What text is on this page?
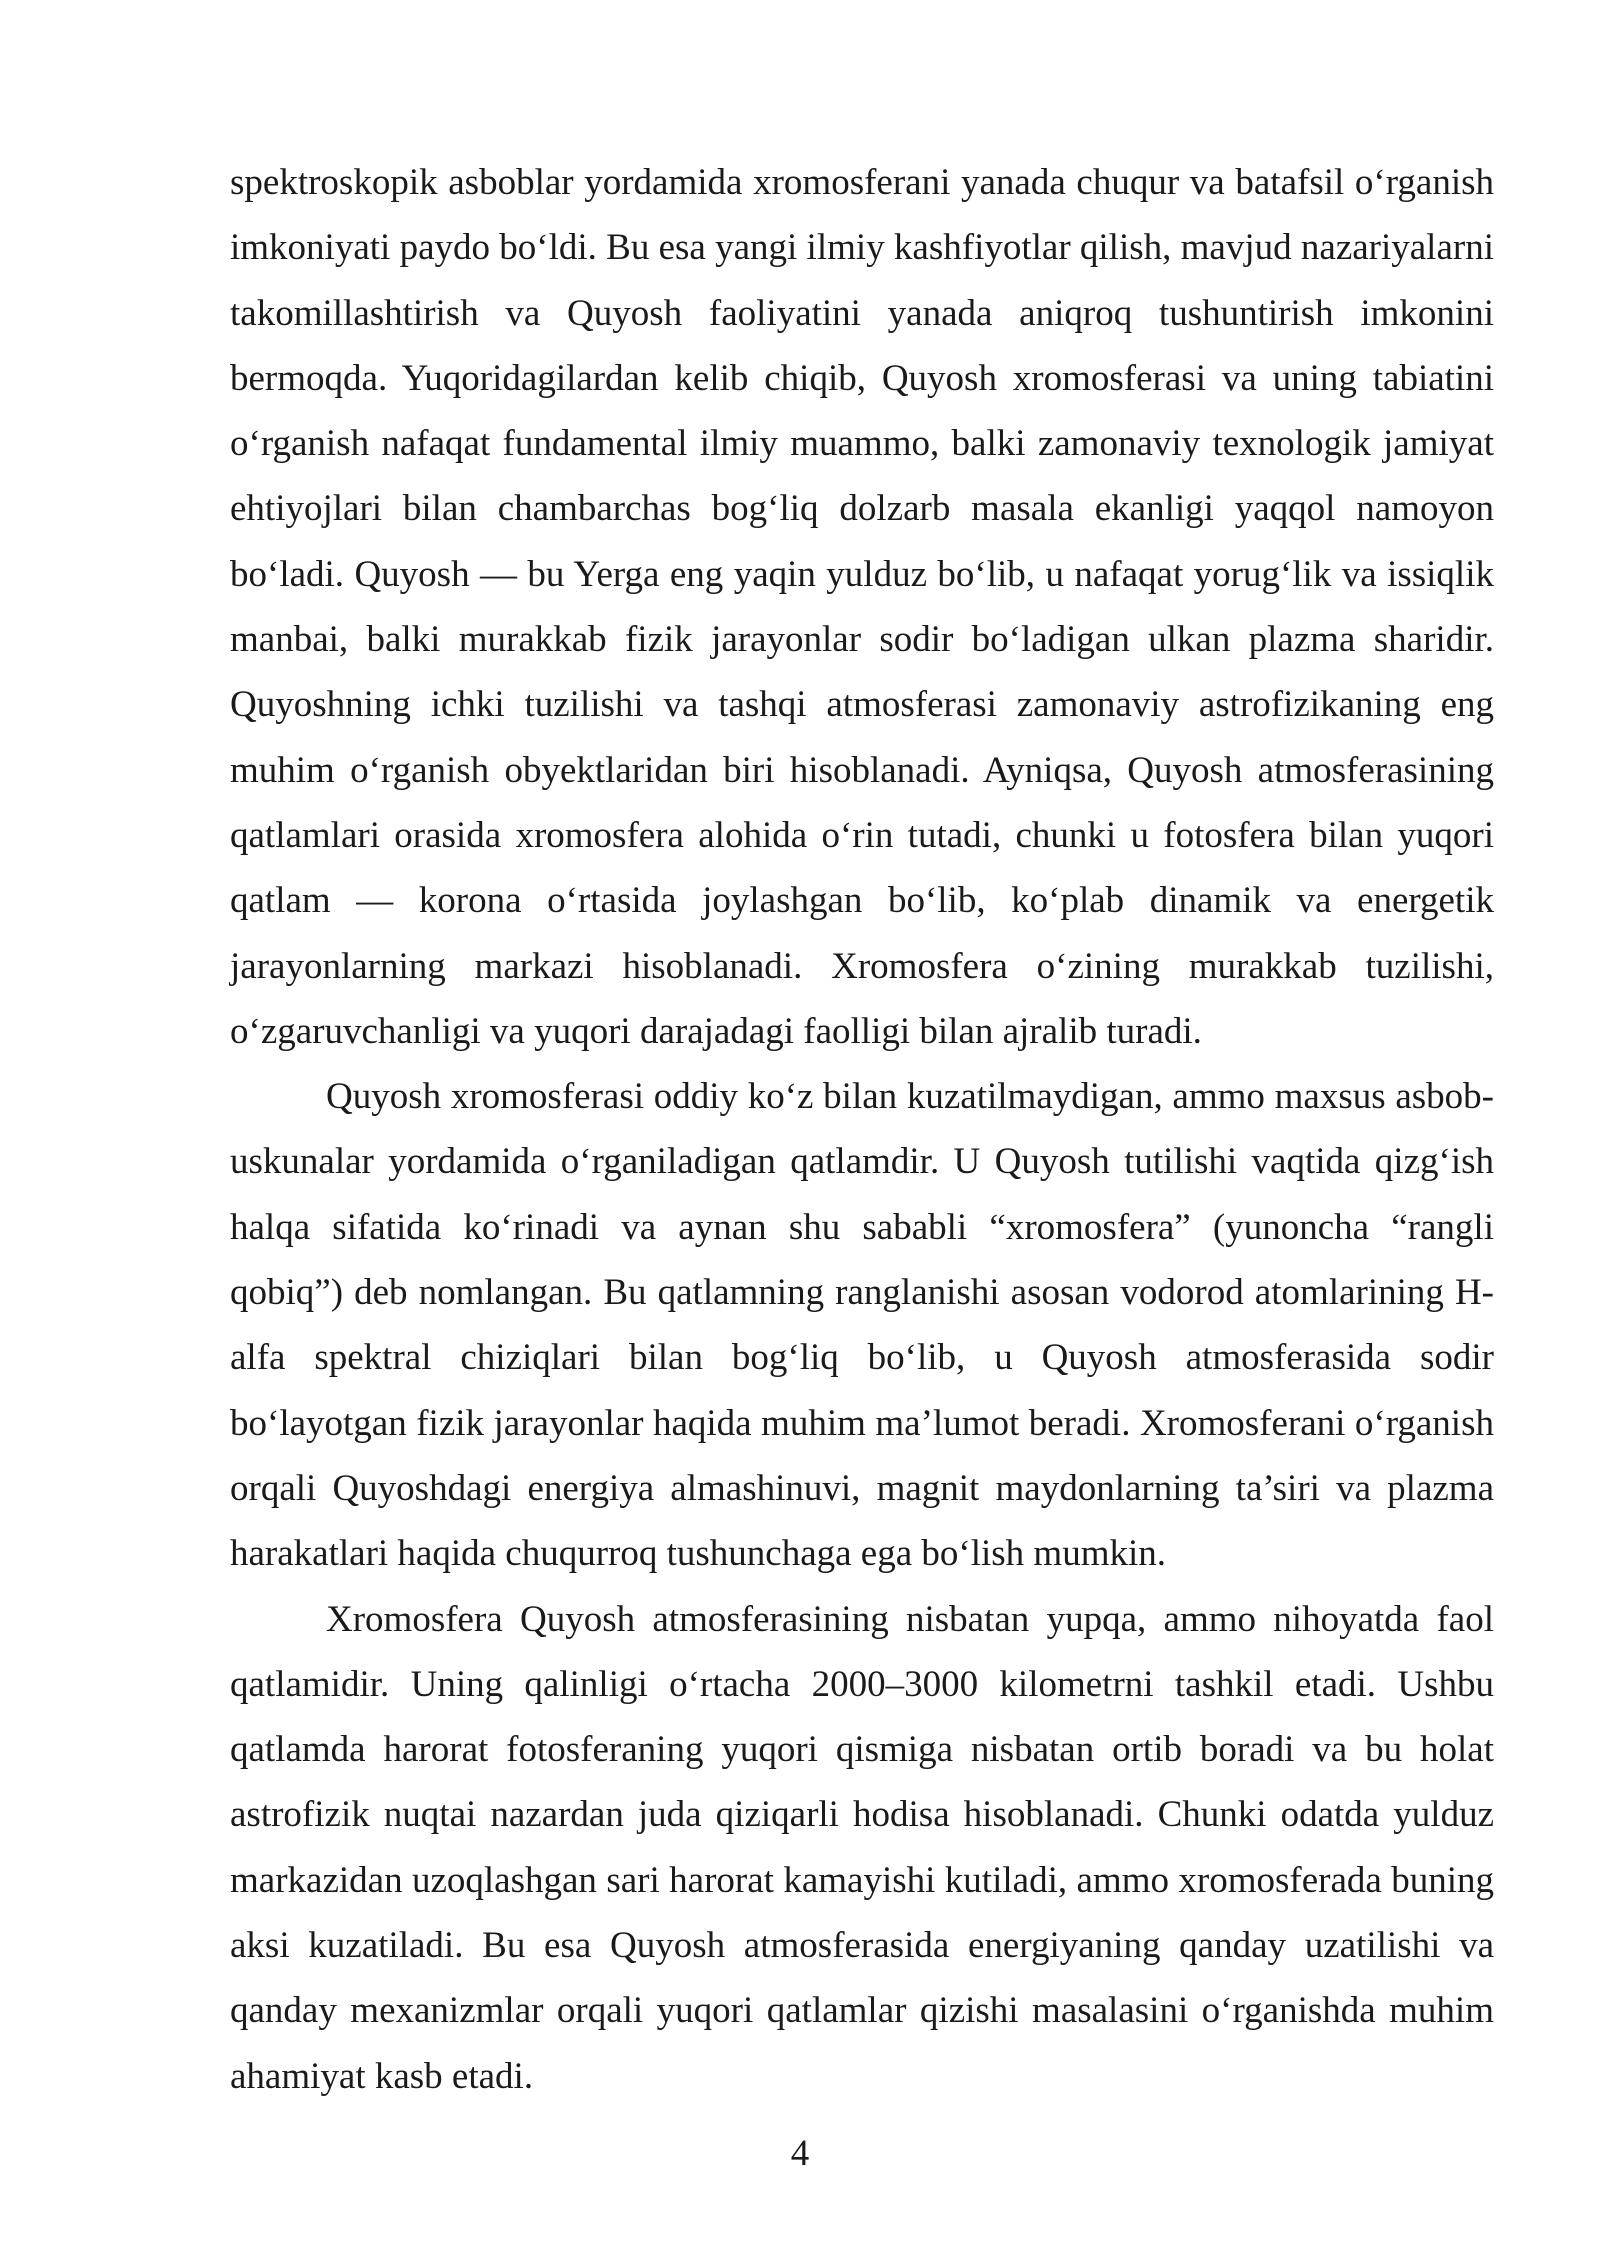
spektroskopik asboblar yordamida xromosferani yanada chuqur va batafsil o‘rganish imkoniyati paydo bo‘ldi. Bu esa yangi ilmiy kashfiyotlar qilish, mavjud nazariyalarni takomillashtirish va Quyosh faoliyatini yanada aniqroq tushuntirish imkonini bermoqda. Yuqoridagilardan kelib chiqib, Quyosh xromosferasi va uning tabiatini o‘rganish nafaqat fundamental ilmiy muammo, balki zamonaviy texnologik jamiyat ehtiyojlari bilan chambarchas bog‘liq dolzarb masala ekanligi yaqqol namoyon bo‘ladi. Quyosh — bu Yerga eng yaqin yulduz bo‘lib, u nafaqat yorug‘lik va issiqlik manbai, balki murakkab fizik jarayonlar sodir bo‘ladigan ulkan plazma sharidir. Quyoshning ichki tuzilishi va tashqi atmosferasi zamonaviy astrofizikaning eng muhim o‘rganish obyektlaridan biri hisoblanadi. Ayniqsa, Quyosh atmosferasining qatlamlari orasida xromosfera alohida o‘rin tutadi, chunki u fotosfera bilan yuqori qatlam — korona o‘rtasida joylashgan bo‘lib, ko‘plab dinamik va energetik jarayonlarning markazi hisoblanadi. Xromosfera o‘zining murakkab tuzilishi, o‘zgaruvchanligi va yuqori darajadagi faolligi bilan ajralib turadi.

Quyosh xromosferasi oddiy ko‘z bilan kuzatilmaydigan, ammo maxsus asbob-uskunalar yordamida o‘rganiladigan qatlamdir. U Quyosh tutilishi vaqtida qizg‘ish halqa sifatida ko‘rinadi va aynan shu sababli “xromosfera” (yunoncha “rangli qobiq”) deb nomlangan. Bu qatlamning ranglanishi asosan vodorod atomlarining H-alfa spektral chiziqlari bilan bog‘liq bo‘lib, u Quyosh atmosferasida sodir bo‘layotgan fizik jarayonlar haqida muhim ma’lumot beradi. Xromosferani o‘rganish orqali Quyoshdagi energiya almashinuvi, magnit maydonlarning ta’siri va plazma harakatlari haqida chuqurroq tushunchaga ega bo‘lish mumkin.

Xromosfera Quyosh atmosferasining nisbatan yupqa, ammo nihoyatda faol qatlamidir. Uning qalinligi o‘rtacha 2000–3000 kilometrni tashkil etadi. Ushbu qatlamda harorat fotosferaning yuqori qismiga nisbatan ortib boradi va bu holat astrofizik nuqtai nazardan juda qiziqarli hodisa hisoblanadi. Chunki odatda yulduz markazidan uzoqlashgan sari harorat kamayishi kutiladi, ammo xromosferada buning aksi kuzatiladi. Bu esa Quyosh atmosferasida energiyaning qanday uzatilishi va qanday mexanizmlar orqali yuqori qatlamlar qizishi masalasini o‘rganishda muhim ahamiyat kasb etadi.

4
